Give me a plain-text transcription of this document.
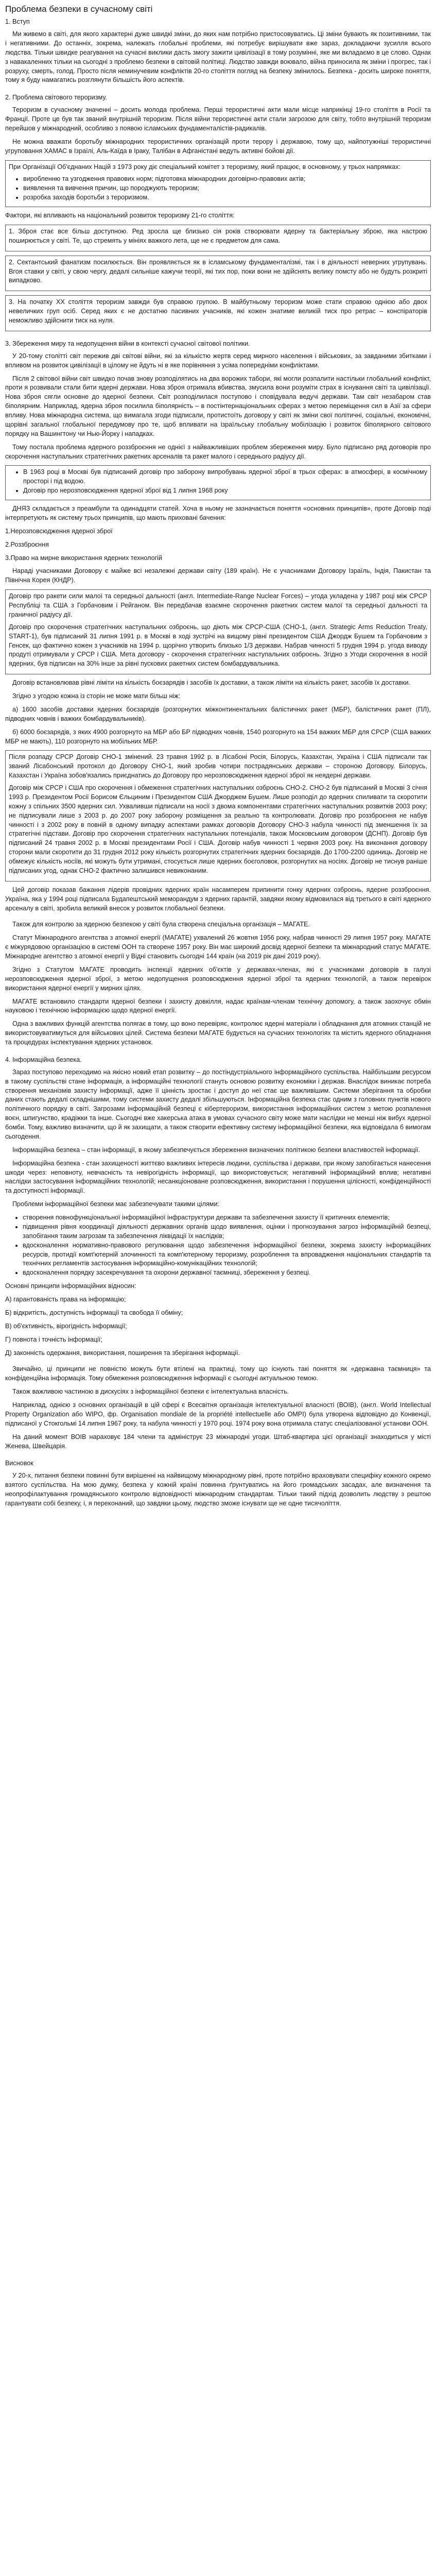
Проблема безпеки в сучасному світі
1. Вступ

Ми живемо в світі, для якого характерні дуже швидкі зміни, до яких нам потрібно пристосовуватись. Ці зміни бувають як позитивними, так і негативними. До останніх, зокрема, належать глобальні проблеми, які потребує вирішувати вже зараз, докладаючи зусилля всього людства. Тільки швидке реагування на сучасні виклики дасть змогу зажити цивілізації в тому розумінні, яке ми вкладаємо в це слово. Однак з навакаленних тільки на сьогодні з проблемо безпеки в світовій політиці. Людство завжди воювало, війна приносила як зміни і прогрес, так і розруху, смерть, голод. Просто після неминучевим конфліктів 20-го століття погляд на безпеку змінилось. Безпека - досить широке поняття, тому я буду намагатись розглянути більшість його аспектів.

2. Проблема світового тероризму.

Тероризм в сучасному значенні – досить молода проблема. Перші терористичні акти мали місце наприкінці 19-го століття в Росії та Франції. Проте це був так званий внутрішній тероризм. Після війни терористичні акти стали загрозою для світу, тобто внутрішній тероризм перейшов у міжнародний, особливо з появою ісламських фундаменталістів-радикалів.

Не можна вважати боротьбу міжнародних терористичних організацій проти терору і державою, тому що, найпотужніші терористичні угруповання ХАМАС в Ізраїлі, Аль-Каїда в Іраку, Талібан в Афганістані ведуть активні бойові дії.

При Організації Об'єднаних Націй з 1973 року діє спеціальний комітет з тероризму, який працює, в основному, у трьох напрямках:

• виробленню та узгодження правових норм; підготовка міжнародних договірно-правових актів;
• виявлення та вивчення причин, що породжують тероризм;
• розробка заходів боротьби з тероризмом.

Фактори, які впливають на національний розвиток тероризму 21-го століття:

1. Зброя стає все більш доступною. Ред зросла ще близько сія років створювати ядерну та бактеріальну зброю, яка настрою поширюється у світі. Те, що стремять у мініях важкого лета, ще не є предметом для сама.

2. Сектантський фанатизм посилюється. Він проявляється як в ісламському фундаменталізмі, так і в діяльності неверних угрупувань. Вгоя ставки у світі, у свою чергу, дедалі сильніше кажучи теорії, які тих пор, поки вони не здійснять велику помсту або не будуть розкриті випадково.

3. На початку XX століття тероризм завжди був справою групою. В майбутньому тероризм може стати справою однією або двох невеличких груп осіб. Серед яких є не достатню пасивних учасників, які кожен знатиме великій тиск про ретрас – конспіраторів неможливо здійснити тиск на нуля.

3. Збереження миру та недопущення війни в контексті сучасної світової політики.

У 20-тому столітті світ пережив дві світові війни, які за кількістю жертв серед мирного населення і військових, за завданими збитками і впливом на розвиток цивілізації в цілому не йдуть ні в яке порівняння з усіма попередніми конфліктами.

Після 2 світової війни світ швидко почав знову розподілятись на два ворожих табори, які могли розпалити настільки глобальний конфлікт, проти я розвивали стали бити ядерні держави. Нова зброя отримала вбивства, змусила вони розуміти страх в існування світі та цивілізації. Нова зброя сягли основне до ядерної безпеки. Світ розподілилася поступово і сповідувала ведучі держави. Там світ незабаром став біполярним. Наприклад, ядерна зброя посилила біполярність – в постінтернаціональних сферах з метою переміщення сил в Азії за сфери впливу. Нова міжнародна система, що вимагала згоди підписали, протистоїть договору у світі як зміни свої політичні, соціальні, економічні, щорівні загальної глобальної передумову про те, щоб впливати на ізраїльську глобальну мобілізацію і розвиток біполярного світового порядку на Вашингтону чи Нью-Йорку і нападках.

Тому постала проблема ядерного роззброєння не однієї з найважливіших проблем збереження миру. Було підписано ряд договорів про скорочення наступальних стратегічних ракетних арсеналів та ракет малого і середнього радіусу дії.

• В 1963 році в Москві був підписаний договір про заборону випробувань ядерної зброї в трьох сферах: в атмосфері, в космічному просторі і під водою.
• Договір про нерозповсюдження ядерної зброї від 1 липня 1968 року

ДНЯЗ складається з преамбули та одинадцяти статей. Хоча в ньому не зазначається поняття «основних принципів», проте Договір поді інтерпретують як систему трьох принципів, що мають приховані бачення:

1.Нерозповсюдження ядерної зброї

2.Роззброєння

3.Право на мирне використання ядерних технологій

Нараді учасниками Договору є майже всі незалежні держави світу (189 країн). Не є учасниками Договору Ізраїль, Індія, Пакистан та Північна Корея (КНДР).

Договір про ракети сили малої та середньої дальності (англ. Intermediate-Range Nuclear Forces) – угода укладена у 1987 році між СРСР Республіці та США з Горбачовим і Рейганом. Він передбачав взаємне скорочення ракетних систем малої та середньої дальності та граничної радіусу дії.

Договір про скорочення стратегічних наступальних озброєнь, що діють між СРСР-США (СНО-1, (англ. Strategic Arms Reduction Treaty, START-1), був підписаний 31 липня 1991 р. в Москві в ході зустрічі на вищому рівні президентом США Джордж Бушем та Горбачовим з Генсек, що фактично кожен з учасників на 1994 р. щорічно утворить близько 1/3 держави. Набрав чинності 5 грудня 1994 р. угода виводу продуті отримували у СРСР і США. Мета договору - скорочення стратегічних наступальних озброєнь. Згідно з Угоди скорочення в носій ядерних, був підписан на 30% інше за рівні пускових ракетних систем бомбардувальника.

Договір встановлював рівні ліміти на кількість боєзарядів і засобів їх доставки, а також ліміти на кількість ракет, засобів їх доставки.

Згідно з угодою кожна із сторін не може мати більш ніж:

а) 1600 засобів доставки ядерних боєзарядів (розгорнутих міжконтинентальних балістичних ракет (МБР), балістичних ракет (ПЛ), підводних човнів і важких бомбардувальників).

б) 6000 боєзарядів, з яких 4900 розгорнуто на МБР або БР підводних човнів, 1540 розгорнуто на 154 важких МБР для СРСР (США важких МБР не мають), 110 розгорнуто на мобільних МБР.

Після розпаду СРСР Договір СНО-1 змінений. 23 травня 1992 р. в Лісабоні Росія, Білорусь, Казахстан, Україна і США підписали так званий Лісабонський протокол до Договору СНО-1, який зробив чотири пострадянських держави – стороною Договору. Білорусь, Казахстан і Україна зобов'язались приєднатись до Договору про нерозповсюдження ядерної зброї як неядерні держави.

Договір між СРСР і США про скорочення і обмеження стратегічних наступальних озброєнь СНО-2. СНО-2 був підписаний в Москві 3 січня 1993 р. Президентом Росії Борисом Єльциним і Президентом США Джорджем Бушем. Лише розподіл до ядерних спиливати та скоротити кожну з спільних 3500 ядерних сил. Ухваливши підписали на носії з двома компонентами стратегічних наступальних розвитків 2003 року; не підписували лише з 2003 р. до 2007 року заборону розміщення за реально та контролювати. Договір про роззброєння не набув чинності і з 2002 року в повній в одному випадку аспектами рамках договорів Договору СНО-3 набула чинності під зменшення їх за стратегічні підстави. Договір про скорочення стратегічних наступальних потенціалів, також Московським договором (ДСНП). Договір був підписаний 24 травня 2002 р. в Москві президентами Росії і США. Договір набув чинності 1 червня 2003 року. На виконання договору сторони мали скоротити до 31 грудня 2012 року кількість розгорнутих стратегічних ядерних боєзарядів. До 1700-2200 одиниць. Договір не обмежує кількість носіїв, які можуть бути утримані, стосується лише ядерних боєголовок, розгорнутих на носіях. Договір не тиснув раніше підписаних угод, однак СНО-2 фактично залишився невиконаним.

Цей договір показав бажання лідерів провідних ядерних країн насамперем припинити гонку ядерних озброєнь, ядерне роззброєння. Україна, яка у 1994 році підписала Будапештський меморандум з ядерних гарантій, завдяки якому відмовилася від третього в світі ядерного арсеналу в світі, зробила великий внесок у розвиток глобальної безпеки.

Також для контролю за ядерною безпекою у світі була створена спеціальна організація – МАГАТЕ.

Статут Міжнародного агентства з атомної енергії (МАГАТЕ) ухвалений 26 жовтня 1956 року, набрав чинності 29 липня 1957 року. МАГАТЕ є міжурядовою організацією в системі ООН та створене 1957 року. Він має широкий досвід ядерної безпеки та міжнародний статус МАГАТЕ. Міжнародне агентство з атомної енергії у Відні становить сьогодні 144 країн (на 2019 рік дані 2019 року).

Згідно з Статутом МАГАТЕ проводить інспекції ядерних об'єктів у державах-членах, які є учасниками договорів в галузі нерозповсюдження ядерної зброї, з метою недопущення розповсюдження ядерної зброї та ядерних технологій, а також перевірок використання ядерної енергії у мирних цілях.

МАГАТЕ встановило стандарти ядерної безпеки і захисту довкілля, надає країнам-членам технічну допомогу, а також заохочує обмін науковою і технічною інформацією щодо ядерної енергії.

Одна з важливих функцій агентства полягає в тому, що воно перевіряє, контролює ядерні матеріали і обладнання для атомних станцій не використовуватимуться для військових цілей. Система безпеки МАГАТЕ будується на сучасних технологіях та містить ядерного обладнання та процедурах інспектування ядерних установок.

4. Інформаційна безпека.

Зараз поступово переходимо на якісно новий етап розвитку – до постіндустріального інформаційного суспільства. Найбільшим ресурсом в такому суспільстві стане інформація, а інформаційні технології стануть основою розвитку економіки і держав. Внаслідок виникає потреба створення механізмів захисту інформації, адже її цінність зростає і доступ до неї стає ще важливішим. Системи зберігання та обробки даних стають дедалі складнішими, тому системи захисту дедалі збільшуються. Інформаційна безпека стає одним з головних пунктів нового політичного порядку в світі. Загрозами інформаційній безпеці є кібертероризм, використання інформаційних систем з метою розпалення воєн, шпигунство, крадіжки та інше. Сьогодні вже хакерська атака в умовах сучасного світу може мати наслідки не менші ніж вибух ядерної бомби. Тому, важливо визначити, що й як захищати, а також створити ефективну систему інформаційної безпеки, яка відповідала б вимогам сьогодення.

Інформаційна безпека – стан інформації, в якому забезпечується збереження визначених політикою безпеки властивостей інформації.

Інформаційна безпека - стан захищеності життєво важливих інтересів людини, суспільства і держави, при якому запобігається нанесення шкоди через: неповноту, невчасність та невірогідність інформації, що використовується; негативний інформаційний вплив; негативні наслідки застосування інформаційних технологій; несанкціоноване розповсюдження, використання і порушення цілісності, конфіденційності та доступності інформації.

Проблеми інформаційної безпеки має забезпечувати такими цілями:

• створення повнофункціональної інформаційної інфраструктури держави та забезпечення захисту її критичних елементів;
• підвищення рівня координації діяльності державних органів щодо виявлення, оцінки і прогнозування загроз інформаційній безпеці, запобігання таким загрозам та забезпечення ліквідації їх наслідків;
• вдосконалення нормативно-правового регулювання щодо забезпечення інформаційної безпеки, зокрема захисту інформаційних ресурсів, протидії комп'ютерній злочинності та комп'ютерному тероризму, розроблення та впровадження національних стандартів та технічних регламентів застосування інформаційно-комунікаційних технологій;
• вдосконалення порядку засекречування та охорони державної таємниці, збереження у безпеці.

Основні принципи інформаційних відносин:

А) гарантованість права на інформацію;

Б) відкритість, доступність інформації та свобода її обміну;

В) об'єктивність, вірогідність інформації;

Г) повнота і точність інформації;

Д) законність одержання, використання, поширення та зберігання інформації.

Звичайно, ці принципи не повністю можуть бути втілені на практиці, тому що існують такі поняття як «державна таємниця» та конфіденційна інформація. Тому обмеження розповсюдження інформації є сьогодні актуальною темою.

Також важливою частиною в дискусіях з інформаційної безпеки є інтелектуальна власність.

Наприклад, однією з основних організацій в цій сфері є Всесвітня організація інтелектуальної власності (ВОІВ), (англ. World Intellectual Property Organization або WIPO, фр. Organisation mondiale de la propriété intellectuelle або OMPI) була утворена відповідно до Конвенції, підписаної у Стокгольмі 14 липня 1967 року, та набула чинності у 1970 році. 1974 року вона отримала статус спеціалізованої установи ООН.

На даний момент ВОІВ нараховує 184 члени та адмініструє 23 міжнародні угоди. Штаб-квартира цієї організації знаходиться у місті Женева, Швейцарія.

Висновок

У 20-х, питання безпеки повинні бути вирішенні на найвищому міжнародному рівні, проте потрібно враховувати специфіку кожного окремо взятого суспільства. На мою думку, безпека у кожній країні повинна ґрунтуватись на його громадських засадах, але визначення та неопрофілактування громадянського контролю відповідності міжнародним стандартам. Тільки такий підхід дозволить людству з рештою гарантувати собі безпеку, і, я переконаний, що завдяки цьому, людство зможе існувати ще не одне тисячоліття.
